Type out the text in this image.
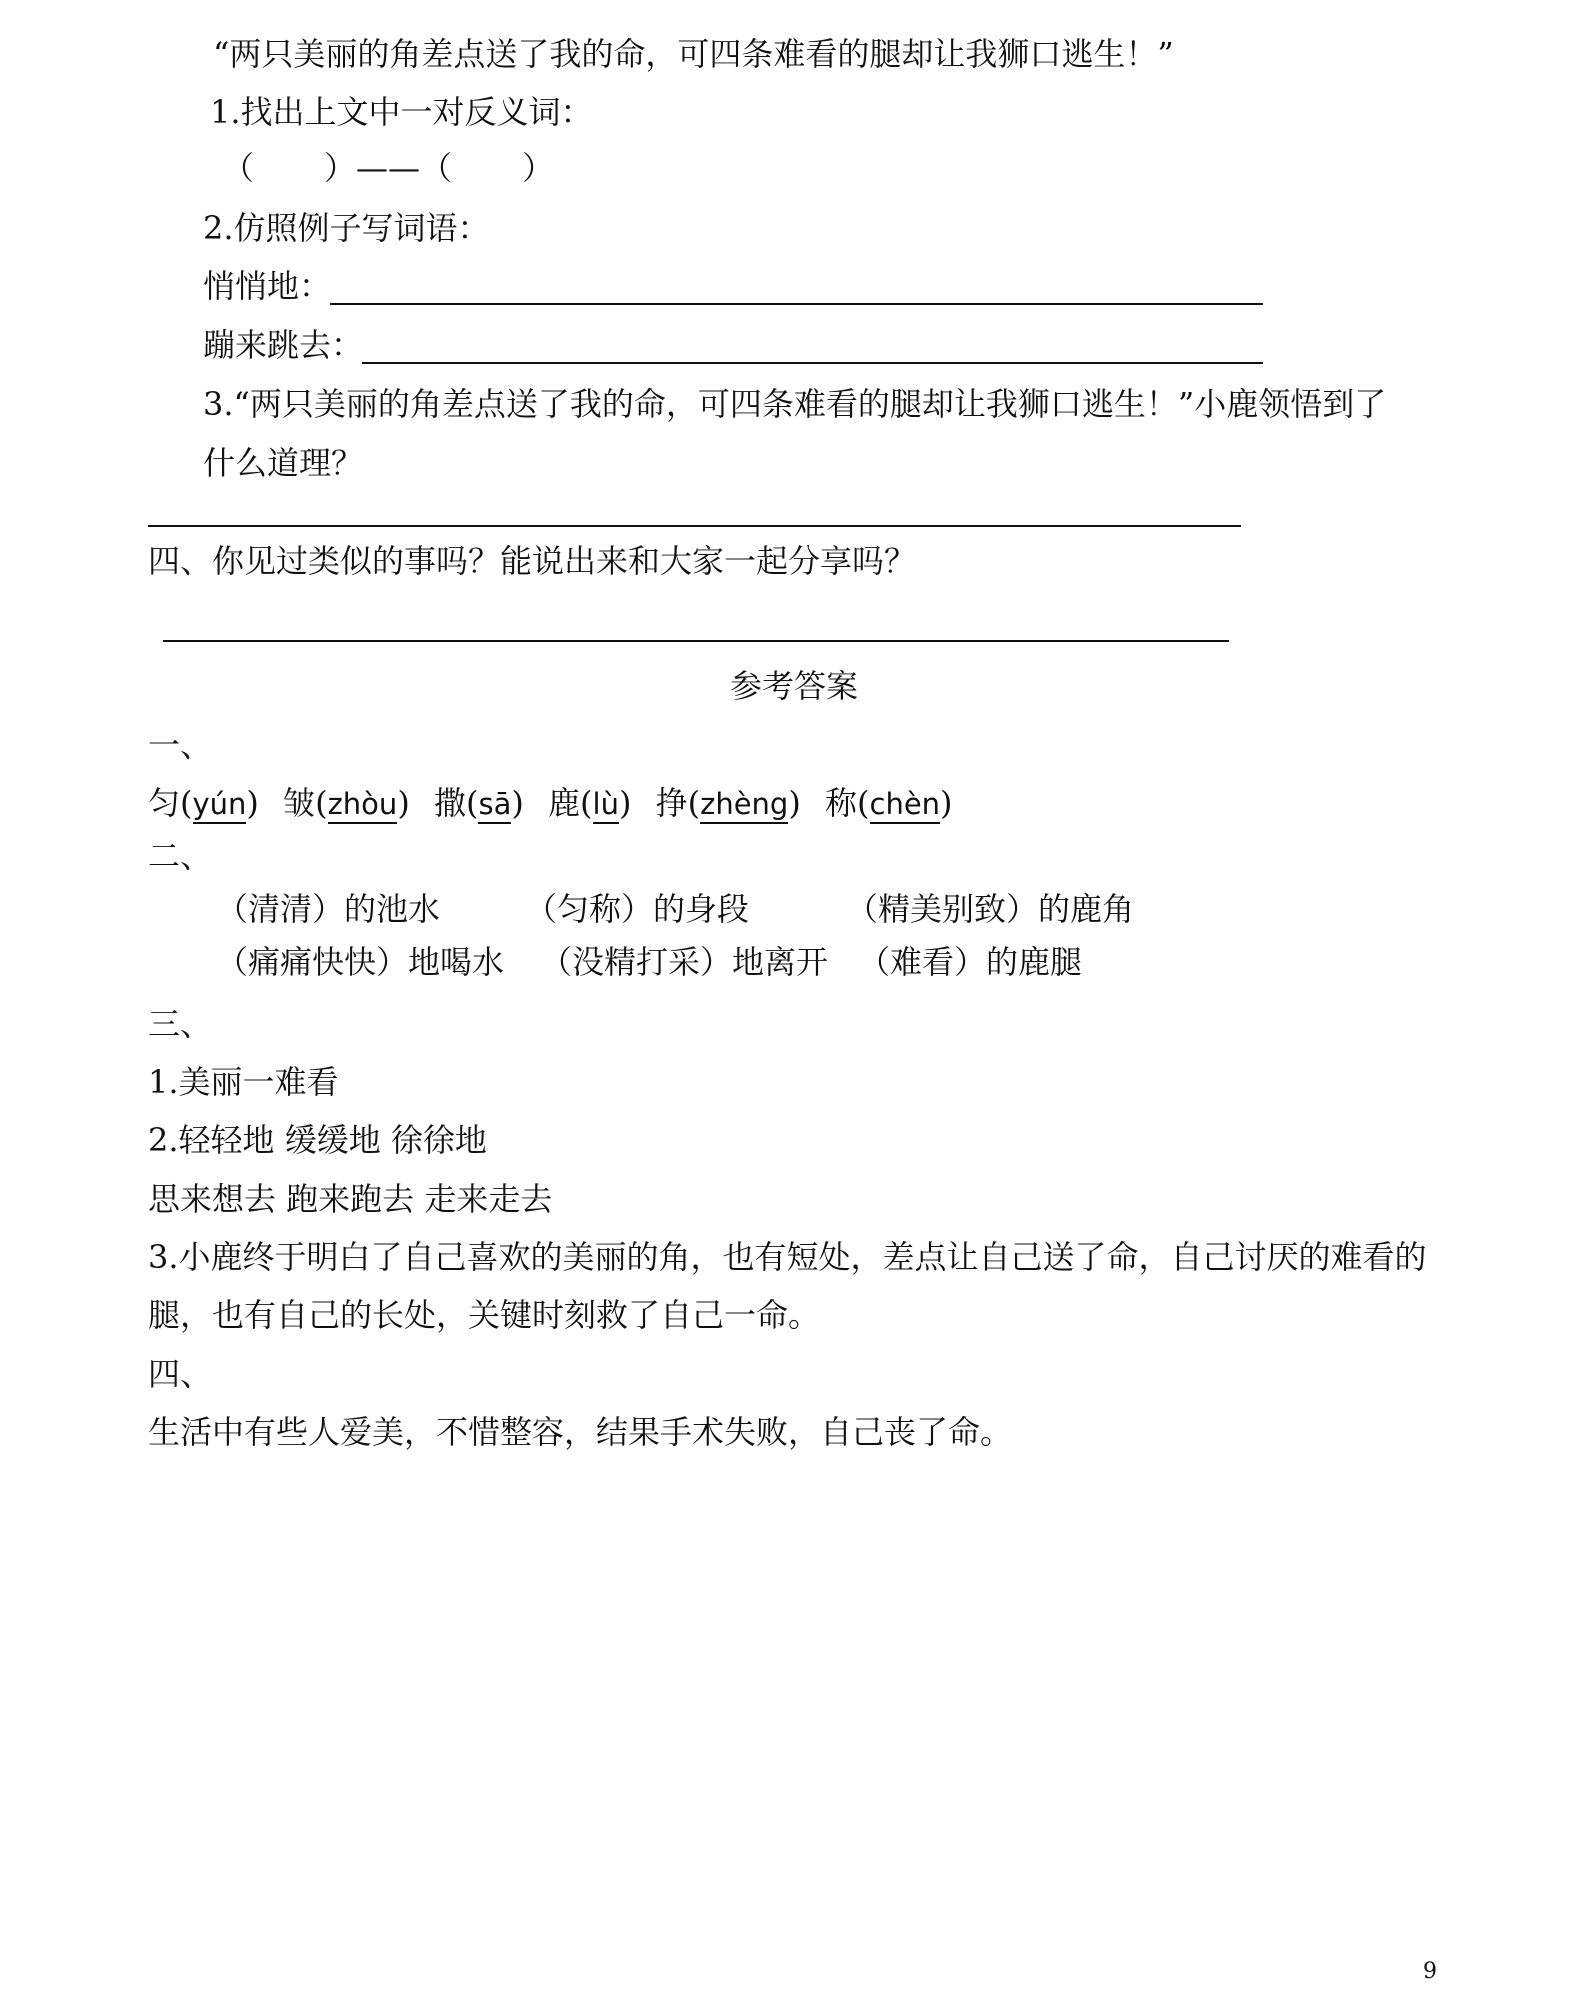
“两只美丽的角差点送了我的命，可四条难看的腿却让我狮口逃生！”
1.找出上文中一对反义词：
（ ）——（ ）
2.仿照例子写词语：
悄悄地：
蹦来跳去：
3.“两只美丽的角差点送了我的命，可四条难看的腿却让我狮口逃生！”小鹿领悟到了
什么道理？
四、你见过类似的事吗？能说出来和大家一起分享吗？
参考答案
一、
匀(yún) 皱(zhòu) 撒(sā) 鹿(lù) 挣(zhèng) 称(chèn)
二、
（清清）的池水	（匀称）的身段	（精美别致）的鹿角
（痛痛快快）地喝水 （没精打采）地离开 （难看）的鹿腿
三、
1.美丽一难看
2.轻轻地 缓缓地 徐徐地
思来想去 跑来跑去 走来走去
3.小鹿终于明白了自己喜欢的美丽的角，也有短处，差点让自己送了命，自己讨厌的难看的
腿，也有自己的长处，关键时刻救了自己一命。
四、
生活中有些人爱美，不惜整容，结果手术失败，自己丧了命。
9
